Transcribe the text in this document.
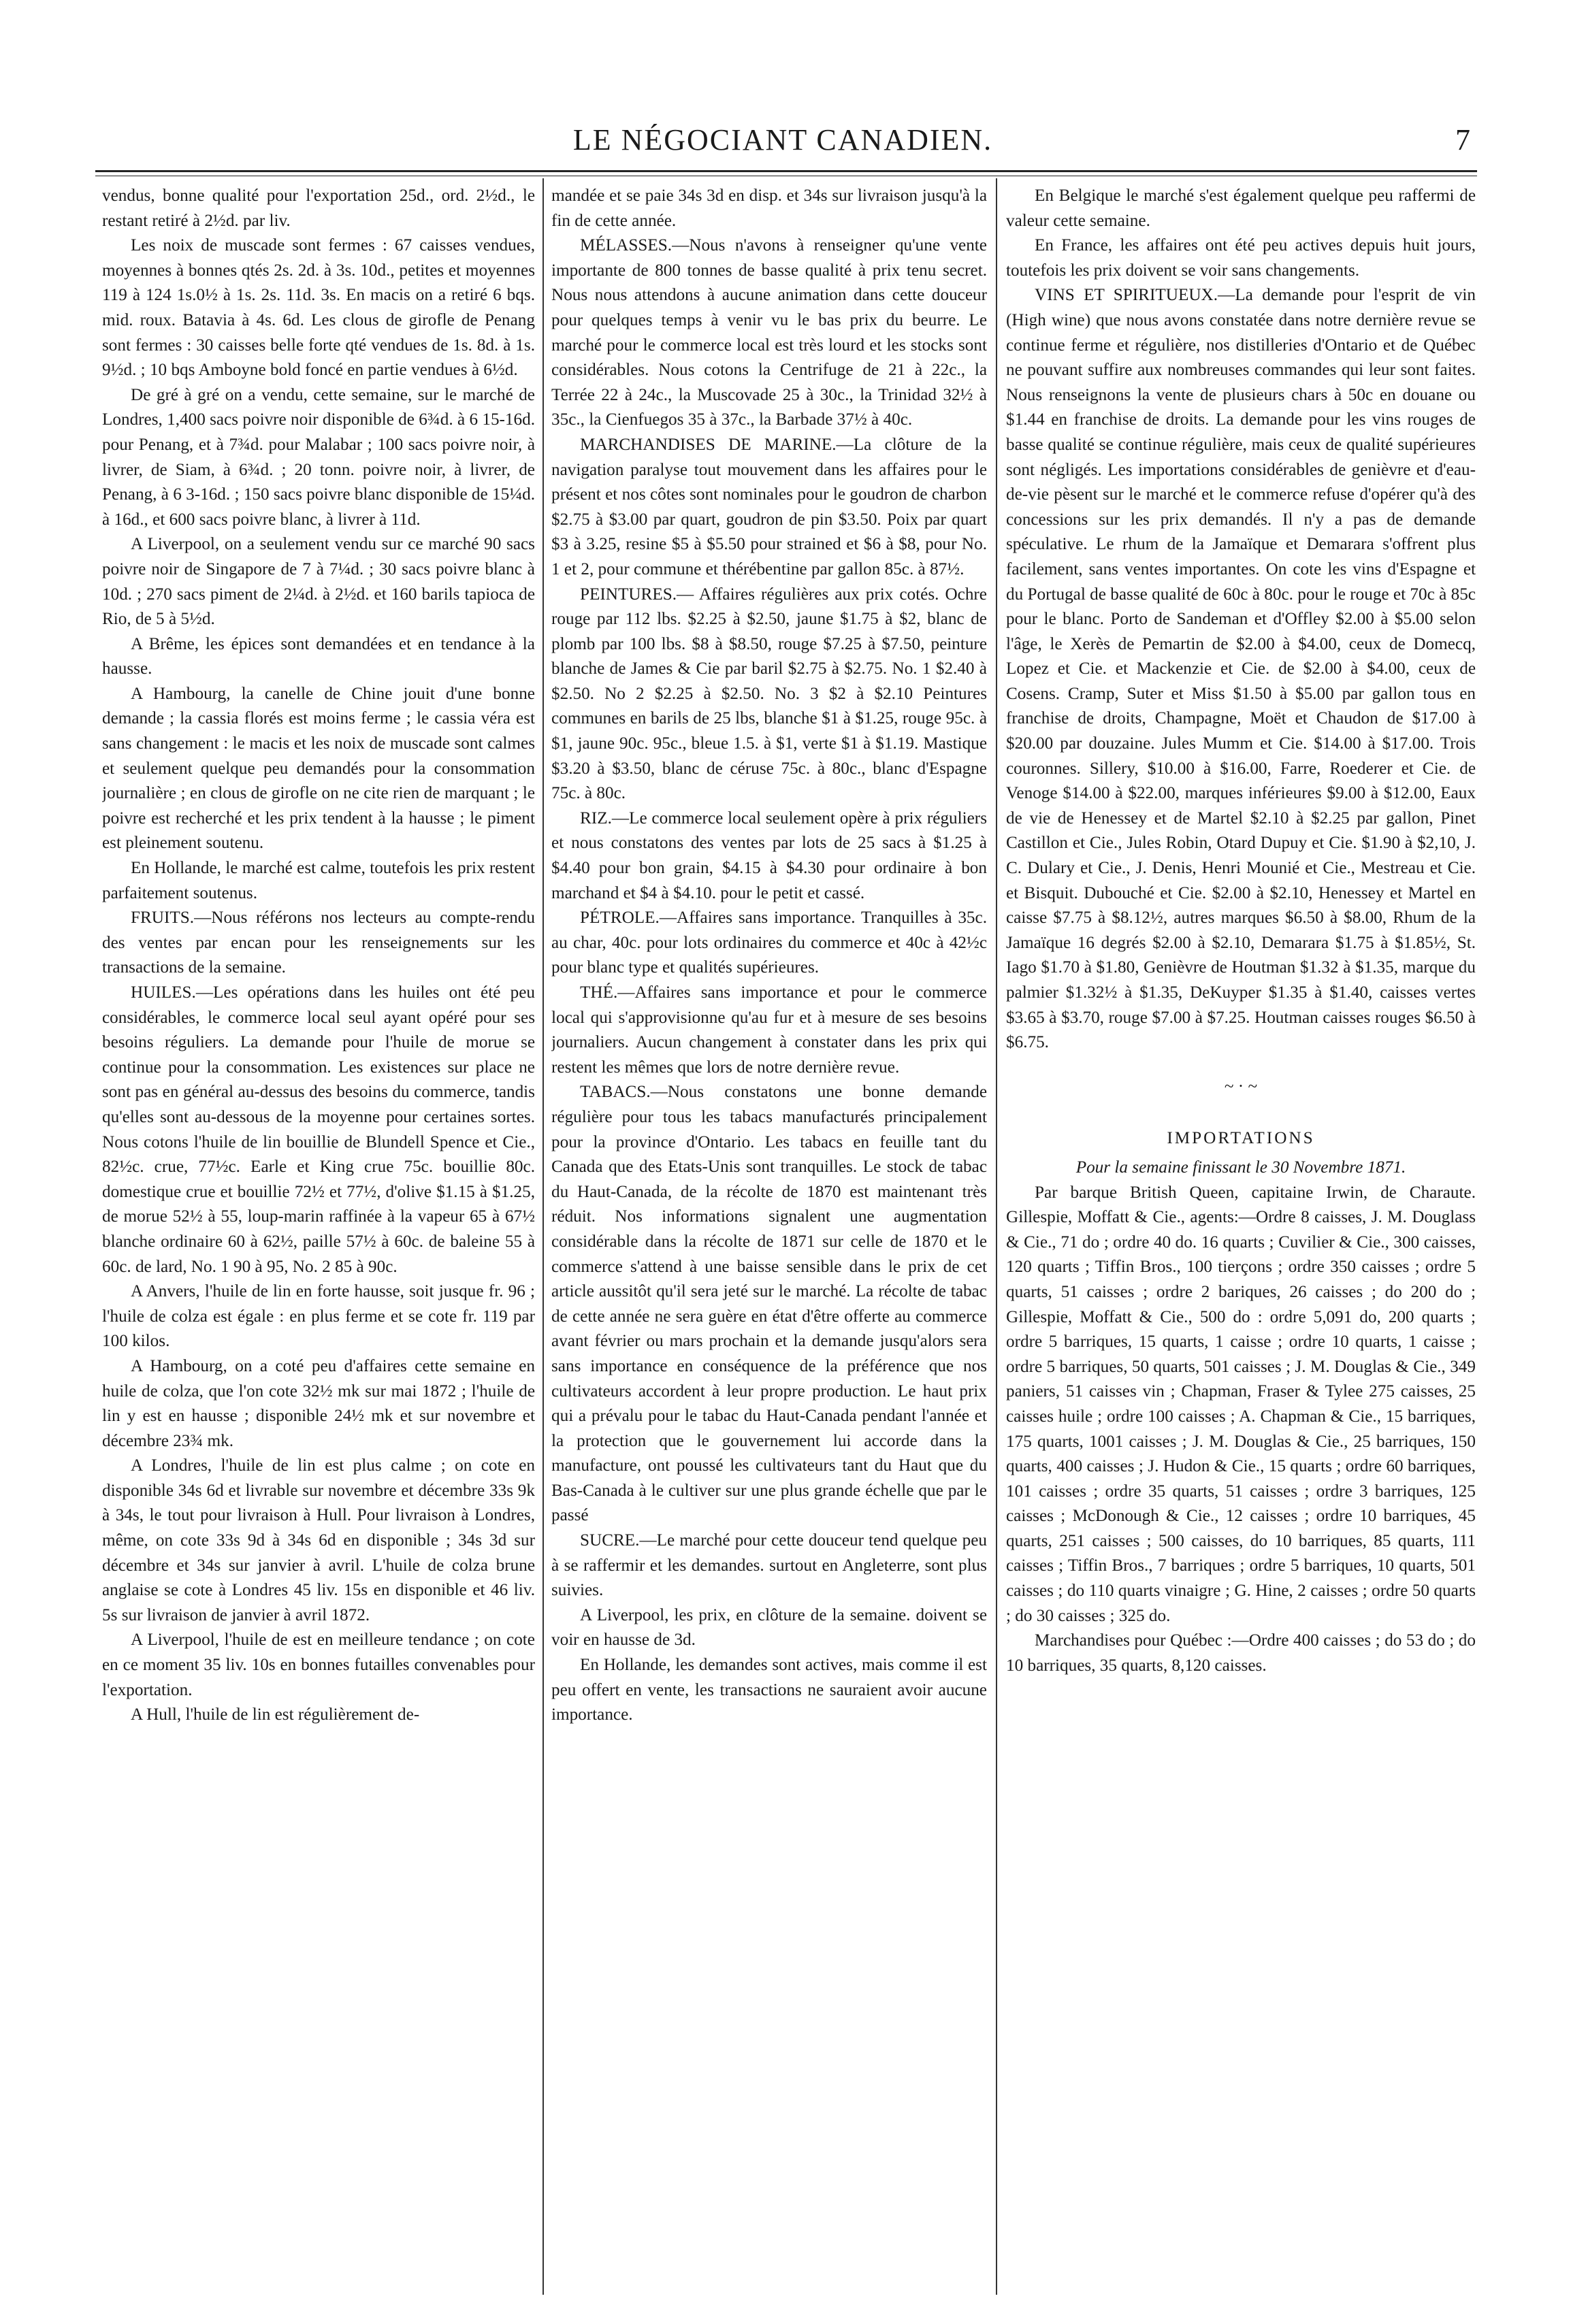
LE NÉGOCIANT CANADIEN.	7

vendus, bonne qualité pour l'exportation 25d., ord. 2½d., le restant retiré à 2½d. par liv.

Les noix de muscade sont fermes : 67 caisses vendues, moyennes à bonnes qtés 2s. 2d. à 3s. 10d., petites et moyennes 119 à 124 1s.0½ à 1s. 2s. 11d. 3s. En macis on a retiré 6 bqs. mid. roux. Batavia à 4s. 6d. Les clous de girofle de Penang sont fermes : 30 caisses belle forte qté vendues de 1s. 8d. à 1s. 9½d. ; 10 bqs Amboyne bold foncé en partie vendues à 6½d.

De gré à gré on a vendu, cette semaine, sur le marché de Londres, 1,400 sacs poivre noir disponible de 6¾d. à 6 15-16d. pour Penang, et à 7¾d. pour Malabar ; 100 sacs poivre noir, à livrer, de Siam, à 6¾d. ; 20 tonn. poivre noir, à livrer, de Penang, à 6 3-16d. ; 150 sacs poivre blanc disponible de 15¼d. à 16d., et 600 sacs poivre blanc, à livrer à 11d.

A Liverpool, on a seulement vendu sur ce marché 90 sacs poivre noir de Singapore de 7 à 7¼d. ; 30 sacs poivre blanc à 10d. ; 270 sacs piment de 2¼d. à 2½d. et 160 barils tapioca de Rio, de 5 à 5½d.

A Brême, les épices sont demandées et en tendance à la hausse.

A Hambourg, la canelle de Chine jouit d'une bonne demande ; la cassia florés est moins ferme ; le cassia véra est sans changement : le macis et les noix de muscade sont calmes et seulement quelque peu demandés pour la consommation journalière ; en clous de girofle on ne cite rien de marquant ; le poivre est recherché et les prix tendent à la hausse ; le piment est pleinement soutenu.

En Hollande, le marché est calme, toutefois les prix restent parfaitement soutenus.

FRUITS.—Nous référons nos lecteurs au compte-rendu des ventes par encan pour les renseignements sur les transactions de la semaine.

HUILES.—Les opérations dans les huiles ont été peu considérables, le commerce local seul ayant opéré pour ses besoins réguliers. La demande pour l'huile de morue se continue pour la consommation. Les existences sur place ne sont pas en général au-dessus des besoins du commerce, tandis qu'elles sont au-dessous de la moyenne pour certaines sortes. Nous cotons l'huile de lin bouillie de Blundell Spence et Cie., 82½c. crue, 77½c. Earle et King crue 75c. bouillie 80c. domestique crue et bouillie 72½ et 77½, d'olive $1.15 à $1.25, de morue 52½ à 55, loup-marin raffinée à la vapeur 65 à 67½ blanche ordinaire 60 à 62½, paille 57½ à 60c. de baleine 55 à 60c. de lard, No. 1 90 à 95, No. 2 85 à 90c.

A Anvers, l'huile de lin en forte hausse, soit jusque fr. 96 ; l'huile de colza est égale : en plus ferme et se cote fr. 119 par 100 kilos.

A Hambourg, on a coté peu d'affaires cette semaine en huile de colza, que l'on cote 32½ mk sur mai 1872 ; l'huile de lin y est en hausse ; disponible 24½ mk et sur novembre et décembre 23¾ mk.

A Londres, l'huile de lin est plus calme ; on cote en disponible 34s 6d et livrable sur novembre et décembre 33s 9k à 34s, le tout pour livraison à Hull. Pour livraison à Londres, même, on cote 33s 9d à 34s 6d en disponible ; 34s 3d sur décembre et 34s sur janvier à avril. L'huile de colza brune anglaise se cote à Londres 45 liv. 15s en disponible et 46 liv. 5s sur livraison de janvier à avril 1872.

A Liverpool, l'huile de est en meilleure tendance ; on cote en ce moment 35 liv. 10s en bonnes futailles convenables pour l'exportation.

A Hull, l'huile de lin est régulièrement de-

mandée et se paie 34s 3d en disp. et 34s sur livraison jusqu'à la fin de cette année.

MÉLASSES.—Nous n'avons à renseigner qu'une vente importante de 800 tonnes de basse qualité à prix tenu secret. Nous nous attendons à aucune animation dans cette douceur pour quelques temps à venir vu le bas prix du beurre. Le marché pour le commerce local est très lourd et les stocks sont considérables. Nous cotons la Centrifuge de 21 à 22c., la Terrée 22 à 24c., la Muscovade 25 à 30c., la Trinidad 32½ à 35c., la Cienfuegos 35 à 37c., la Barbade 37½ à 40c.

MARCHANDISES DE MARINE.—La clôture de la navigation paralyse tout mouvement dans les affaires pour le présent et nos côtes sont nominales pour le goudron de charbon $2.75 à $3.00 par quart, goudron de pin $3.50. Poix par quart $3 à 3.25, resine $5 à $5.50 pour strained et $6 à $8, pour No. 1 et 2, pour commune et thérébentine par gallon 85c. à 87½.

PEINTURES.— Affaires régulières aux prix cotés. Ochre rouge par 112 lbs. $2.25 à $2.50, jaune $1.75 à $2, blanc de plomb par 100 lbs. $8 à $8.50, rouge $7.25 à $7.50, peinture blanche de James & Cie par baril $2.75 à $2.75. No. 1 $2.40 à $2.50. No 2 $2.25 à $2.50. No. 3 $2 à $2.10 Peintures communes en barils de 25 lbs, blanche $1 à $1.25, rouge 95c. à $1, jaune 90c. 95c., bleue 1.5. à $1, verte $1 à $1.19. Mastique $3.20 à $3.50, blanc de céruse 75c. à 80c., blanc d'Espagne 75c. à 80c.

RIZ.—Le commerce local seulement opère à prix réguliers et nous constatons des ventes par lots de 25 sacs à $1.25 à $4.40 pour bon grain, $4.15 à $4.30 pour ordinaire à bon marchand et $4 à $4.10. pour le petit et cassé.

PÉTROLE.—Affaires sans importance. Tranquilles à 35c. au char, 40c. pour lots ordinaires du commerce et 40c à 42½c pour blanc type et qualités supérieures.

THÉ.—Affaires sans importance et pour le commerce local qui s'approvisionne qu'au fur et à mesure de ses besoins journaliers. Aucun changement à constater dans les prix qui restent les mêmes que lors de notre dernière revue.

TABACS.—Nous constatons une bonne demande régulière pour tous les tabacs manufacturés principalement pour la province d'Ontario. Les tabacs en feuille tant du Canada que des Etats-Unis sont tranquilles. Le stock de tabac du Haut-Canada, de la récolte de 1870 est maintenant très réduit. Nos informations signalent une augmentation considérable dans la récolte de 1871 sur celle de 1870 et le commerce s'attend à une baisse sensible dans le prix de cet article aussitôt qu'il sera jeté sur le marché. La récolte de tabac de cette année ne sera guère en état d'être offerte au commerce avant février ou mars prochain et la demande jusqu'alors sera sans importance en conséquence de la préférence que nos cultivateurs accordent à leur propre production. Le haut prix qui a prévalu pour le tabac du Haut-Canada pendant l'année et la protection que le gouvernement lui accorde dans la manufacture, ont poussé les cultivateurs tant du Haut que du Bas-Canada à le cultiver sur une plus grande échelle que par le passé

SUCRE.—Le marché pour cette douceur tend quelque peu à se raffermir et les demandes. surtout en Angleterre, sont plus suivies.

A Liverpool, les prix, en clôture de la semaine. doivent se voir en hausse de 3d.

En Hollande, les demandes sont actives, mais comme il est peu offert en vente, les transactions ne sauraient avoir aucune importance.

En Belgique le marché s'est également quelque peu raffermi de valeur cette semaine.

En France, les affaires ont été peu actives depuis huit jours, toutefois les prix doivent se voir sans changements.

VINS ET SPIRITUEUX.—La demande pour l'esprit de vin (High wine) que nous avons constatée dans notre dernière revue se continue ferme et régulière, nos distilleries d'Ontario et de Québec ne pouvant suffire aux nombreuses commandes qui leur sont faites. Nous renseignons la vente de plusieurs chars à 50c en douane ou $1.44 en franchise de droits. La demande pour les vins rouges de basse qualité se continue régulière, mais ceux de qualité supérieures sont négligés. Les importations considérables de genièvre et d'eau-de-vie pèsent sur le marché et le commerce refuse d'opérer qu'à des concessions sur les prix demandés. Il n'y a pas de demande spéculative. Le rhum de la Jamaïque et Demarara s'offrent plus facilement, sans ventes importantes. On cote les vins d'Espagne et du Portugal de basse qualité de 60c à 80c. pour le rouge et 70c à 85c pour le blanc. Porto de Sandeman et d'Offley $2.00 à $5.00 selon l'âge, le Xerès de Pemartin de $2.00 à $4.00, ceux de Domecq, Lopez et Cie. et Mackenzie et Cie. de $2.00 à $4.00, ceux de Cosens. Cramp, Suter et Miss $1.50 à $5.00 par gallon tous en franchise de droits, Champagne, Moët et Chaudon de $17.00 à $20.00 par douzaine. Jules Mumm et Cie. $14.00 à $17.00. Trois couronnes. Sillery, $10.00 à $16.00, Farre, Roederer et Cie. de Venoge $14.00 à $22.00, marques inférieures $9.00 à $12.00, Eaux de vie de Henessey et de Martel $2.10 à $2.25 par gallon, Pinet Castillon et Cie., Jules Robin, Otard Dupuy et Cie. $1.90 à $2,10, J. C. Dulary et Cie., J. Denis, Henri Mounié et Cie., Mestreau et Cie. et Bisquit. Dubouché et Cie. $2.00 à $2.10, Henessey et Martel en caisse $7.75 à $8.12½, autres marques $6.50 à $8.00, Rhum de la Jamaïque 16 degrés $2.00 à $2.10, Demarara $1.75 à $1.85½, St. Iago $1.70 à $1.80, Genièvre de Houtman $1.32 à $1.35, marque du palmier $1.32½ à $1.35, DeKuyper $1.35 à $1.40, caisses vertes $3.65 à $3.70, rouge $7.00 à $7.25. Houtman caisses rouges $6.50 à $6.75.

~ · ~

IMPORTATIONS

Pour la semaine finissant le 30 Novembre 1871.

Par barque British Queen, capitaine Irwin, de Charaute. Gillespie, Moffatt & Cie., agents:—Ordre 8 caisses, J. M. Douglass & Cie., 71 do ; ordre 40 do. 16 quarts ; Cuvilier & Cie., 300 caisses, 120 quarts ; Tiffin Bros., 100 tierçons ; ordre 350 caisses ; ordre 5 quarts, 51 caisses ; ordre 2 bariques, 26 caisses ; do 200 do ; Gillespie, Moffatt & Cie., 500 do : ordre 5,091 do, 200 quarts ; ordre 5 barriques, 15 quarts, 1 caisse ; ordre 10 quarts, 1 caisse ; ordre 5 barriques, 50 quarts, 501 caisses ; J. M. Douglas & Cie., 349 paniers, 51 caisses vin ; Chapman, Fraser & Tylee 275 caisses, 25 caisses huile ; ordre 100 caisses ; A. Chapman & Cie., 15 barriques, 175 quarts, 1001 caisses ; J. M. Douglas & Cie., 25 barriques, 150 quarts, 400 caisses ; J. Hudon & Cie., 15 quarts ; ordre 60 barriques, 101 caisses ; ordre 35 quarts, 51 caisses ; ordre 3 barriques, 125 caisses ; McDonough & Cie., 12 caisses ; ordre 10 barriques, 45 quarts, 251 caisses ; 500 caisses, do 10 barriques, 85 quarts, 111 caisses ; Tiffin Bros., 7 barriques ; ordre 5 barriques, 10 quarts, 501 caisses ; do 110 quarts vinaigre ; G. Hine, 2 caisses ; ordre 50 quarts ; do 30 caisses ; 325 do.

Marchandises pour Québec :—Ordre 400 caisses ; do 53 do ; do 10 barriques, 35 quarts, 8,120 caisses.
